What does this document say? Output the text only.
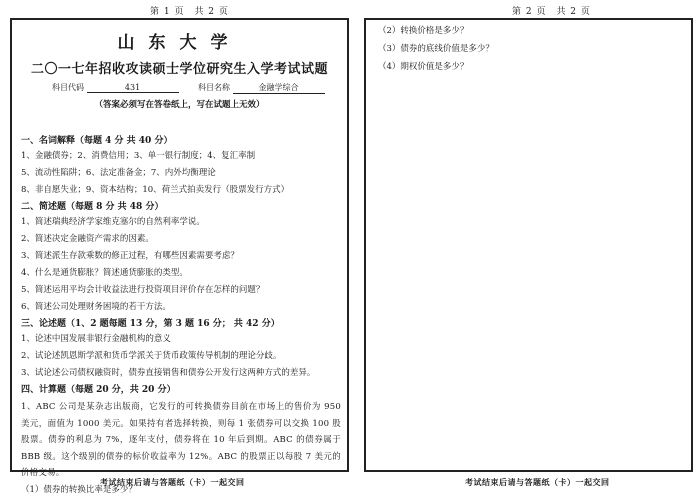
第 1 页　共 2 页
山东大学
二〇一七年招收攻读硕士学位研究生入学考试试题
科目代码	431	科目名称	金融学综合
（答案必须写在答卷纸上，写在试题上无效）
一、名词解释（每题 4 分 共 40 分）
1、金融债券；2、消费信用；3、单一银行制度；4、复汇率制
5、流动性陷阱；6、法定准备金；7、内外均衡理论
8、非自愿失业；9、资本结构；10、荷兰式拍卖发行（股票发行方式）
二、简述题（每题 8 分 共 48 分）
1、简述瑞典经济学家维克塞尔的自然利率学说。
2、简述决定金融资产需求的因素。
3、简述派生存款乘数的修正过程，有哪些因素需要考虑？
4、什么是通货膨胀？简述通货膨胀的类型。
5、简述运用平均会计收益法进行投资项目评价存在怎样的问题？
6、简述公司处理财务困境的若干方法。
三、论述题（1、2 题每题 13 分，第 3 题 16 分； 共 42 分）
1、论述中国发展非银行金融机构的意义
2、试论述凯恩斯学派和货币学派关于货币政策传导机制的理论分歧。
3、试论述公司债权融资时，债券直接销售和债券公开发行这两种方式的差异。
四、计算题（每题 20 分，共 20 分）
1、ABC 公司是某杂志出版商，它发行的可转换债券目前在市场上的售价为 950 美元，面值为 1000 美元。如果持有者选择转换，则每 1 张债券可以交换 100 股股票。债券的利息为 7%，逐年支付，债券将在 10 年后到期。ABC 的债券属于 BBB 级。这个级别的债券的标价收益率为 12%。ABC 的股票正以每股 7 美元的价格交易。
（1）债券的转换比率是多少？
考试结束后请与答题纸（卡）一起交回
第 2 页　共 2 页
（2）转换价格是多少？
（3）债券的底线价值是多少？
（4）期权价值是多少？
考试结束后请与答题纸（卡）一起交回
